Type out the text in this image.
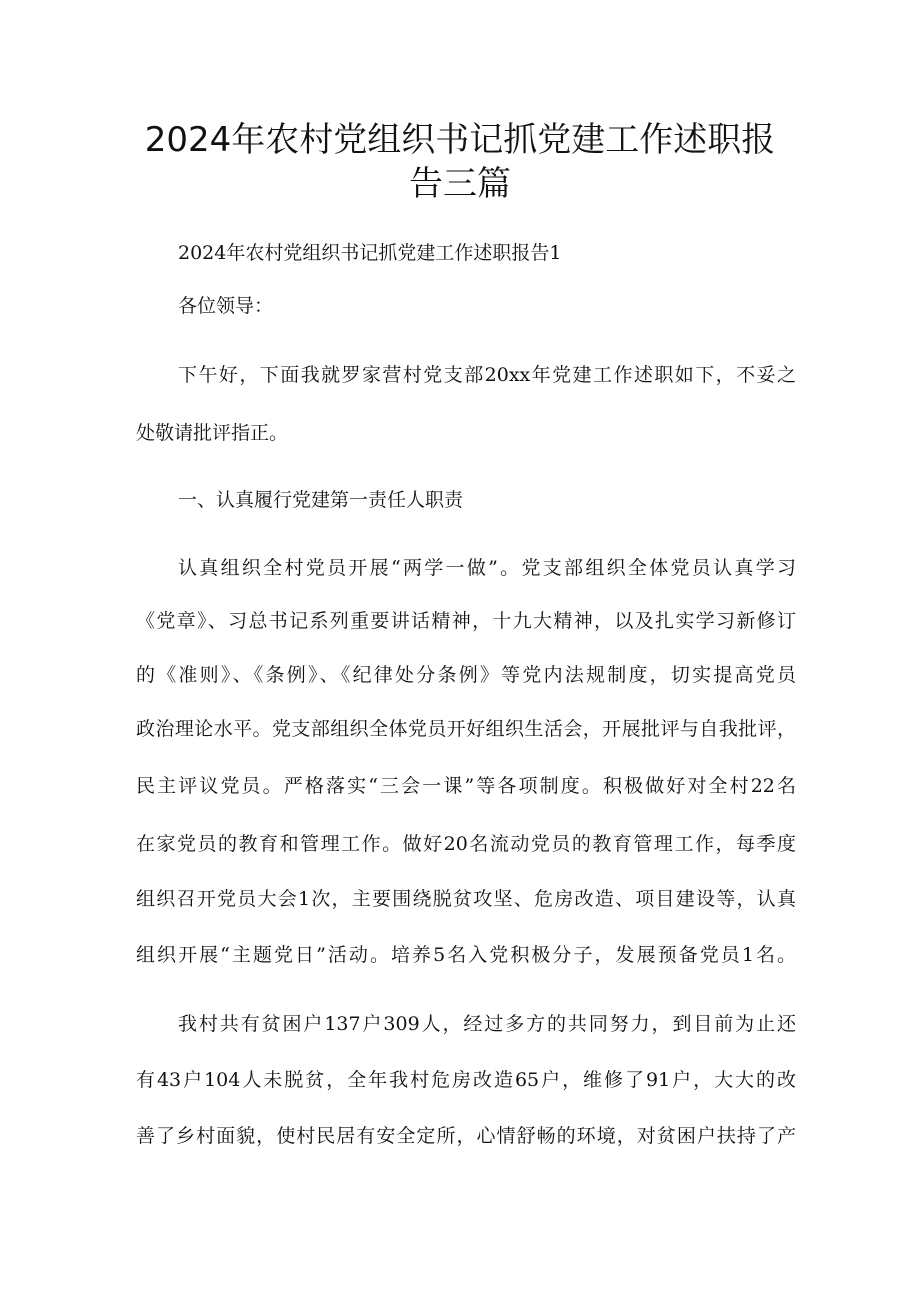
2024年农村党组织书记抓党建工作述职报
告三篇
2024年农村党组织书记抓党建工作述职报告1
各位领导：
下午好，下面我就罗家营村党支部20xx年党建工作述职如下，不妥之
处敬请批评指正。
一、认真履行党建第一责任人职责
认真组织全村党员开展“两学一做”。党支部组织全体党员认真学习
《党章》、习总书记系列重要讲话精神，十九大精神，以及扎实学习新修订
的《准则》、《条例》、《纪律处分条例》等党内法规制度，切实提高党员
政治理论水平。党支部组织全体党员开好组织生活会，开展批评与自我批评，
民主评议党员。严格落实“三会一课”等各项制度。积极做好对全村22名
在家党员的教育和管理工作。做好20名流动党员的教育管理工作，每季度
组织召开党员大会1次，主要围绕脱贫攻坚、危房改造、项目建设等，认真
组织开展“主题党日”活动。培养5名入党积极分子，发展预备党员1名。
我村共有贫困户137户309人，经过多方的共同努力，到目前为止还
有43户104人未脱贫，全年我村危房改造65户，维修了91户，大大的改
善了乡村面貌，使村民居有安全定所，心情舒畅的环境，对贫困户扶持了产
